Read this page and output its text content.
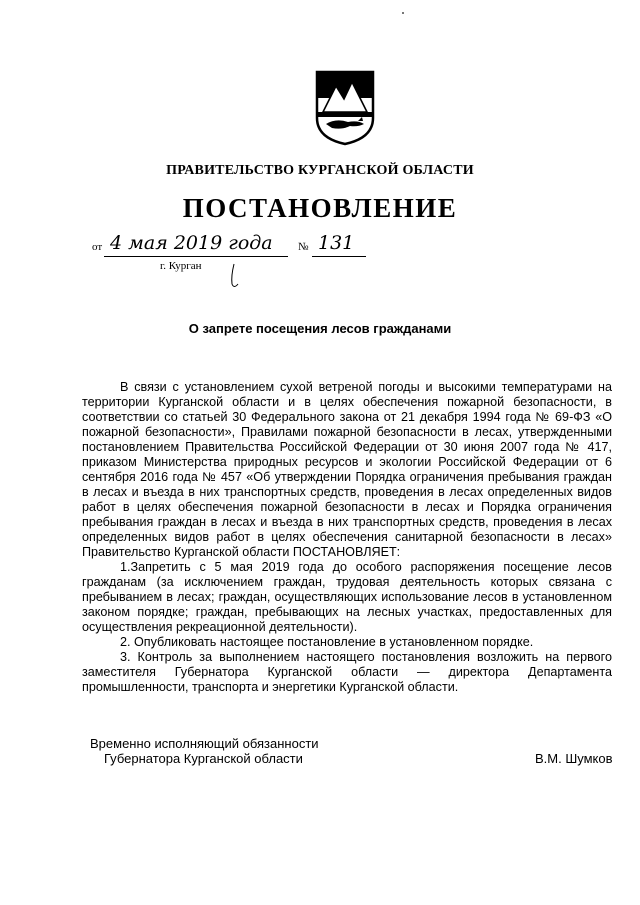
ПРАВИТЕЛЬСТВО КУРГАНСКОЙ ОБЛАСТИ
ПОСТАНОВЛЕНИЕ
от 4 мая 2019 года № 131
г. Курган
О запрете посещения лесов гражданами

В связи с установлением сухой ветреной погоды и высокими температурами на территории Курганской области и в целях обеспечения пожарной безопасности, в соответствии со статьей 30 Федерального закона от 21 декабря 1994 года № 69-ФЗ «О пожарной безопасности», Правилами пожарной безопасности в лесах, утвержденными постановлением Правительства Российской Федерации от 30 июня 2007 года № 417, приказом Министерства природных ресурсов и экологии Российской Федерации от 6 сентября 2016 года № 457 «Об утверждении Порядка ограничения пребывания граждан в лесах и въезда в них транспортных средств, проведения в лесах определенных видов работ в целях обеспечения пожарной безопасности в лесах и Порядка ограничения пребывания граждан в лесах и въезда в них транспортных средств, проведения в лесах определенных видов работ в целях обеспечения санитарной безопасности в лесах» Правительство Курганской области ПОСТАНОВЛЯЕТ:

1.Запретить с 5 мая 2019 года до особого распоряжения посещение лесов гражданам (за исключением граждан, трудовая деятельность которых связана с пребыванием в лесах; граждан, осуществляющих использование лесов в установленном законом порядке; граждан, пребывающих на лесных участках, предоставленных для осуществления рекреационной деятельности).

2. Опубликовать настоящее постановление в установленном порядке.

3. Контроль за выполнением настоящего постановления возложить на первого заместителя Губернатора Курганской области — директора Департамента промышленности, транспорта и энергетики Курганской области.

Временно исполняющий обязанности
Губернатора Курганской области	В.М. Шумков
